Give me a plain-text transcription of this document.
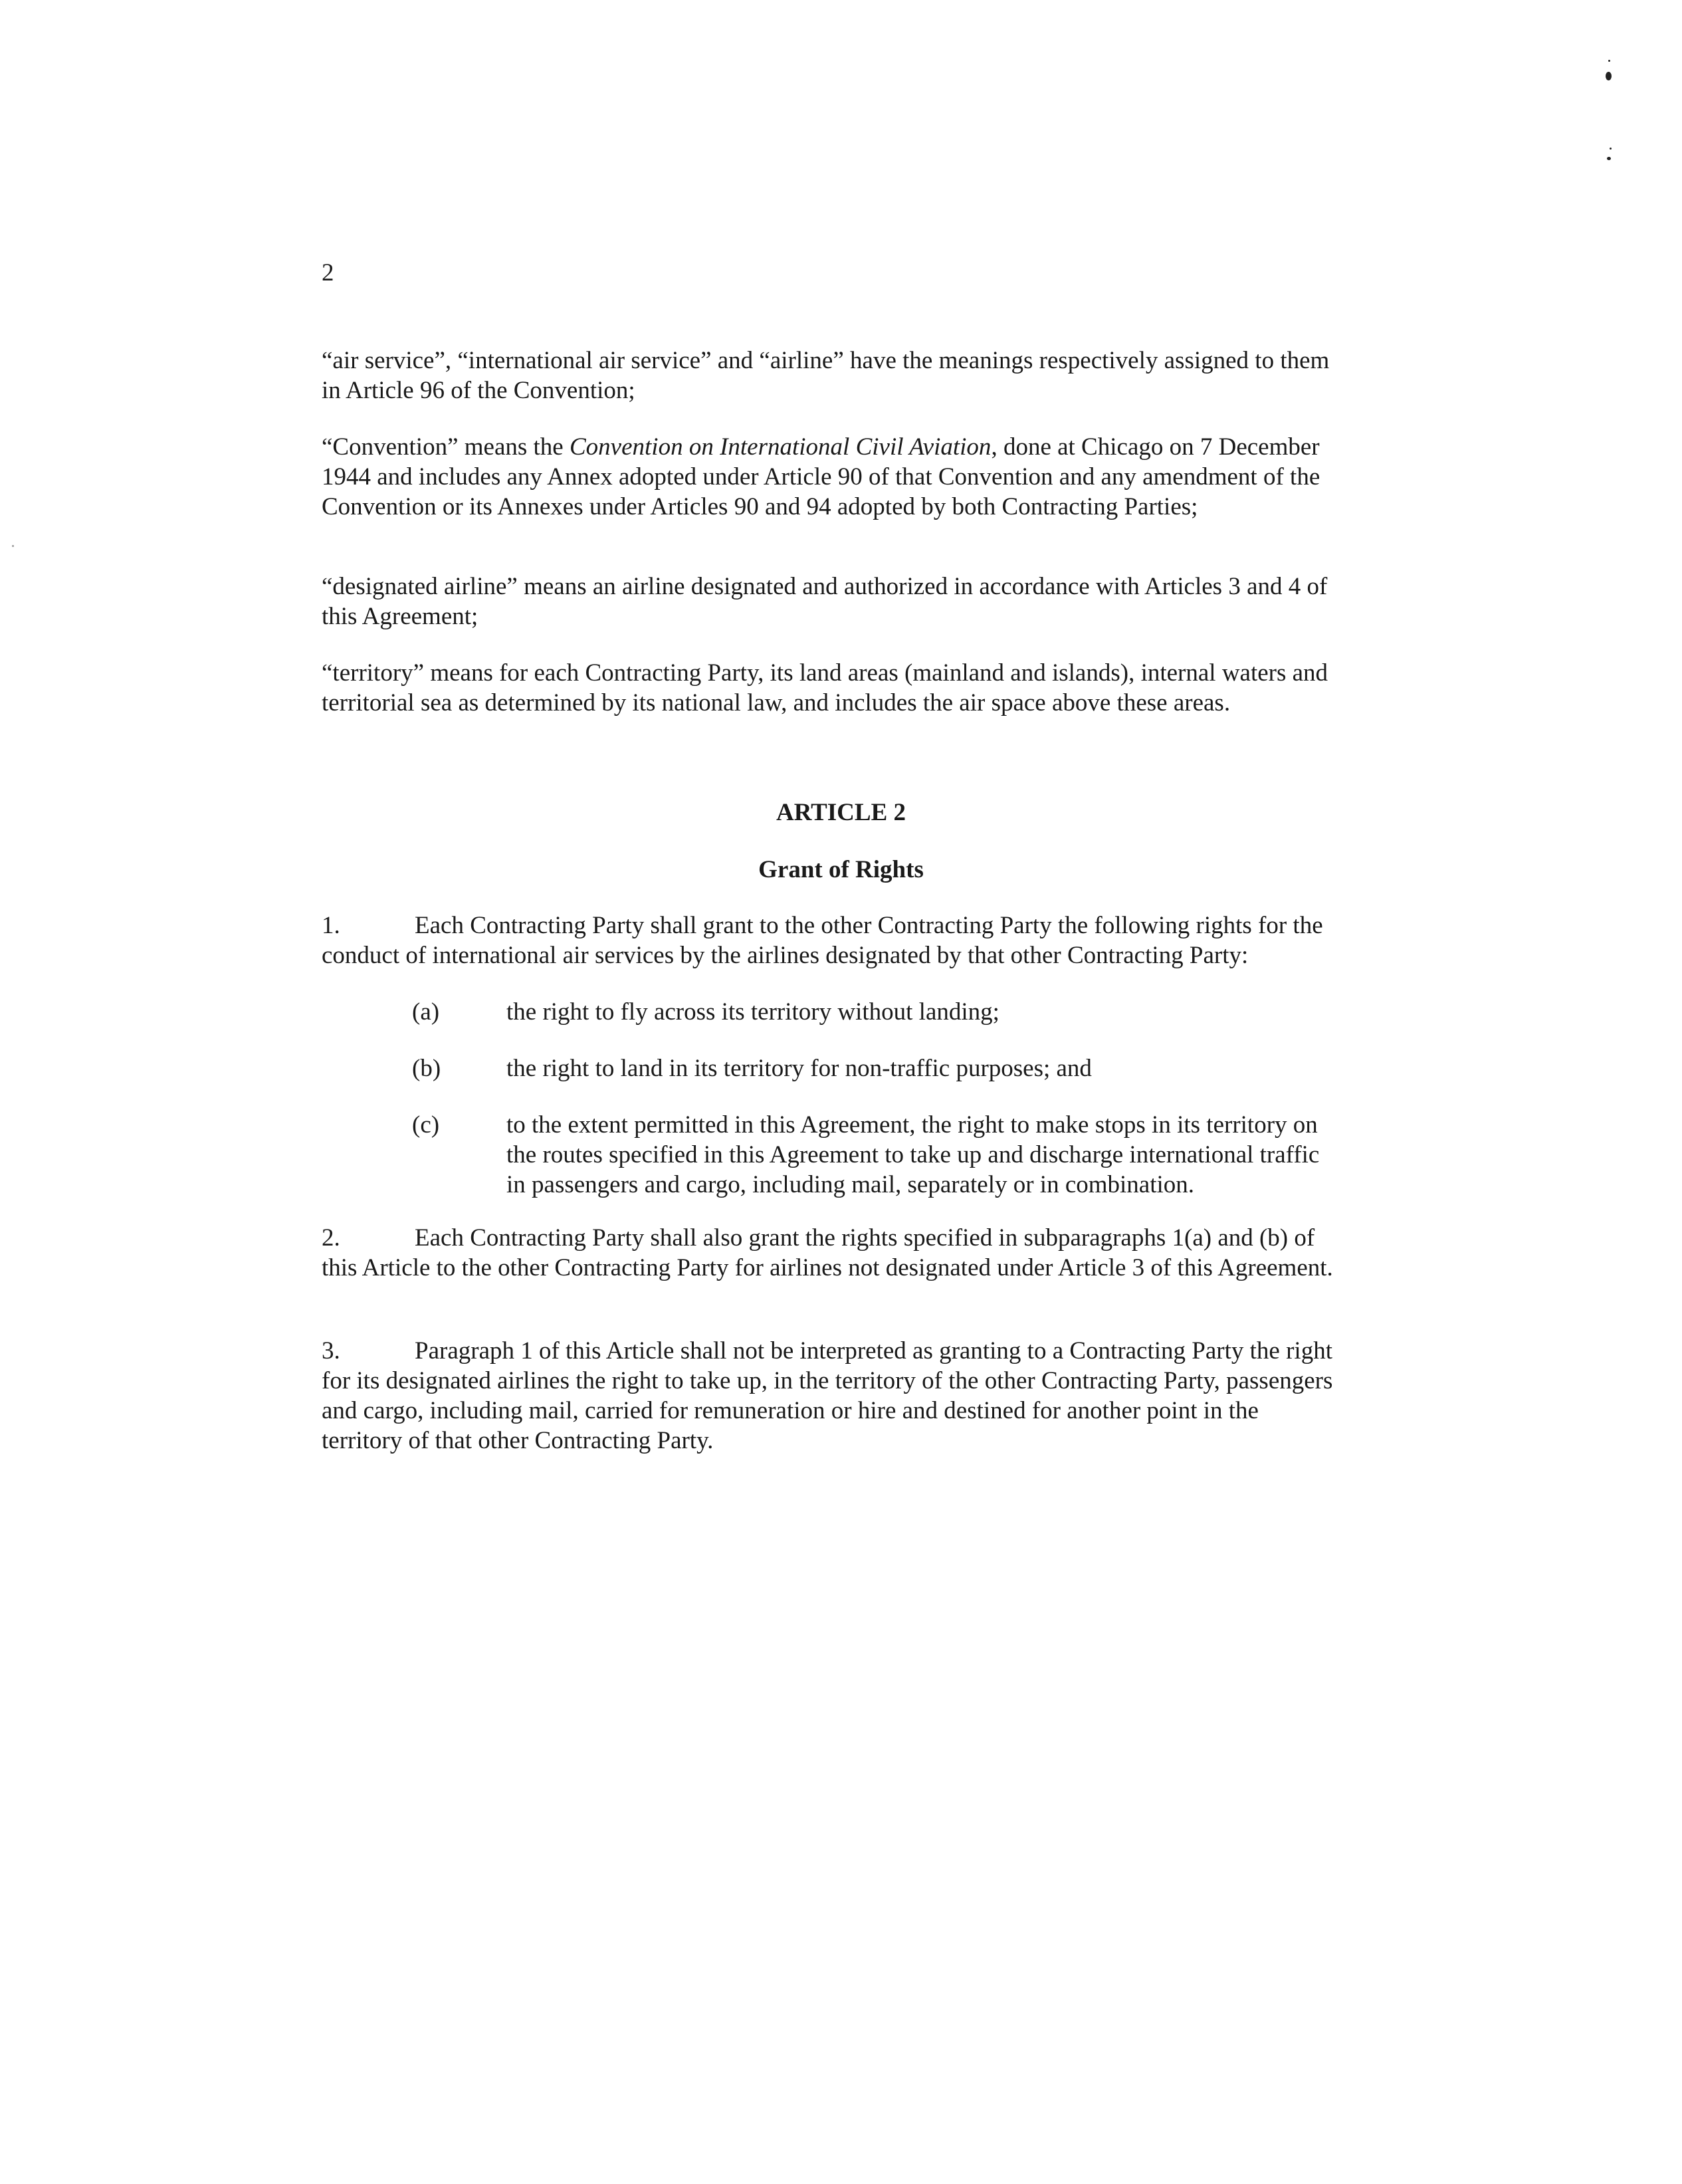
2
“air service”, “international air service” and “airline” have the meanings respectively assigned to them in Article 96 of the Convention;
“Convention” means the Convention on International Civil Aviation, done at Chicago on 7 December 1944 and includes any Annex adopted under Article 90 of that Convention and any amendment of the Convention or its Annexes under Articles 90 and 94 adopted by both Contracting Parties;
“designated airline” means an airline designated and authorized in accordance with Articles 3 and 4 of this Agreement;
“territory” means for each Contracting Party, its land areas (mainland and islands), internal waters and territorial sea as determined by its national law, and includes the air space above these areas.
ARTICLE 2
Grant of Rights
1.	Each Contracting Party shall grant to the other Contracting Party the following rights for the conduct of international air services by the airlines designated by that other Contracting Party:
(a)	the right to fly across its territory without landing;
(b)	the right to land in its territory for non-traffic purposes; and
(c)	to the extent permitted in this Agreement, the right to make stops in its territory on the routes specified in this Agreement to take up and discharge international traffic in passengers and cargo, including mail, separately or in combination.
2.	Each Contracting Party shall also grant the rights specified in subparagraphs 1(a) and (b) of this Article to the other Contracting Party for airlines not designated under Article 3 of this Agreement.
3.	Paragraph 1 of this Article shall not be interpreted as granting to a Contracting Party the right for its designated airlines the right to take up, in the territory of the other Contracting Party, passengers and cargo, including mail, carried for remuneration or hire and destined for another point in the territory of that other Contracting Party.
